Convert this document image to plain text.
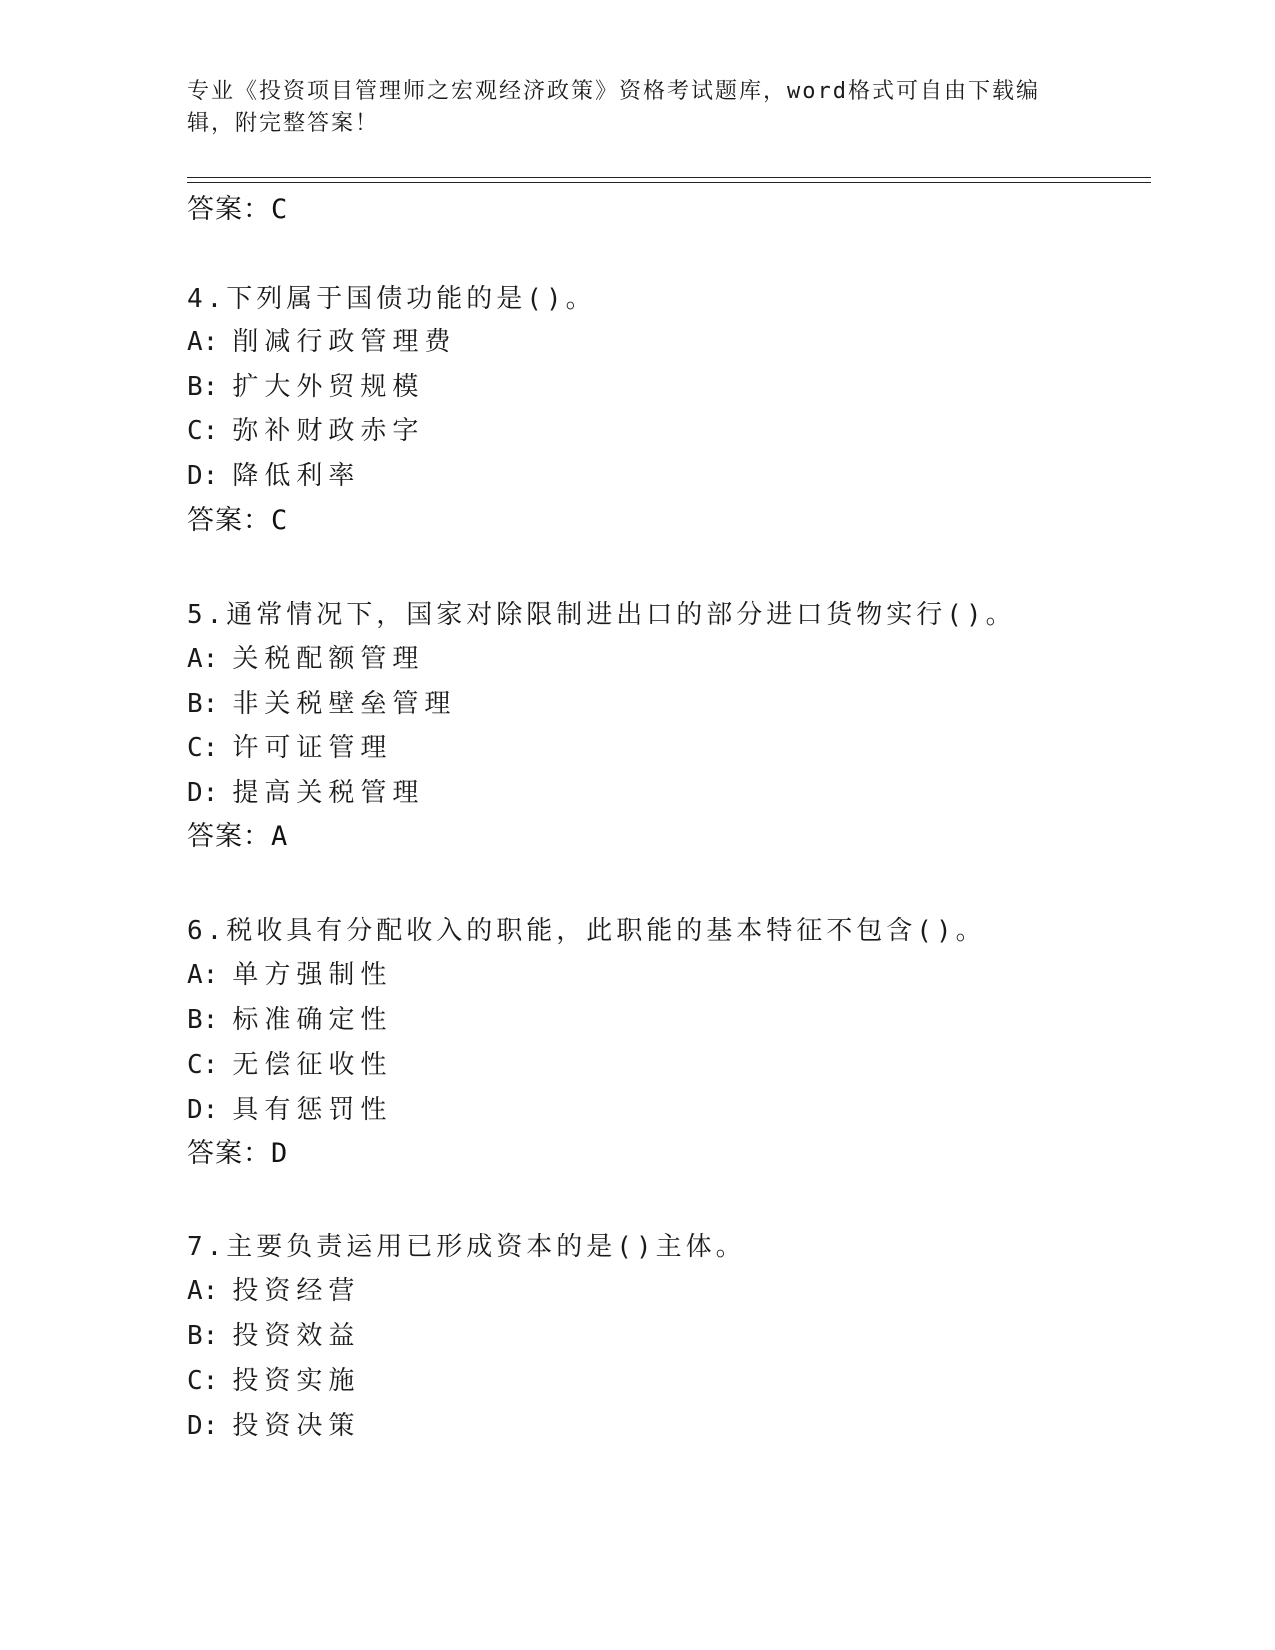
专业《投资项目管理师之宏观经济政策》资格考试题库，word格式可自由下载编辑，附完整答案！
答案：C
4.下列属于国债功能的是()。
A: 削减行政管理费
B: 扩大外贸规模
C: 弥补财政赤字
D: 降低利率
答案：C
5.通常情况下，国家对除限制进出口的部分进口货物实行()。
A: 关税配额管理
B: 非关税壁垒管理
C: 许可证管理
D: 提高关税管理
答案：A
6.税收具有分配收入的职能，此职能的基本特征不包含()。
A: 单方强制性
B: 标准确定性
C: 无偿征收性
D: 具有惩罚性
答案：D
7.主要负责运用已形成资本的是()主体。
A: 投资经营
B: 投资效益
C: 投资实施
D: 投资决策
